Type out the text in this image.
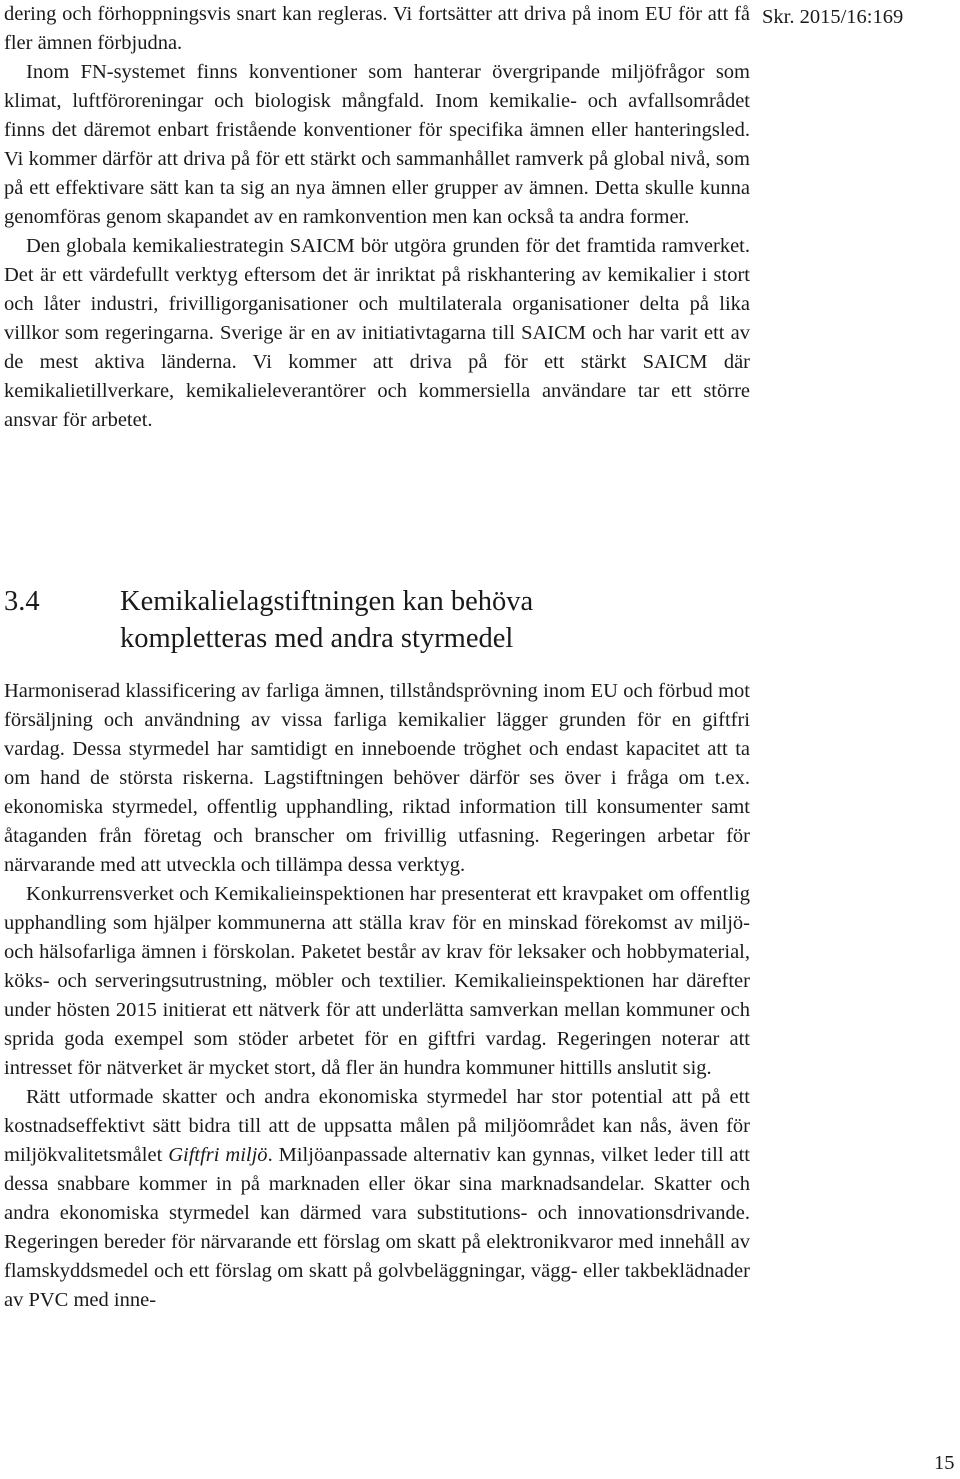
Skr. 2015/16:169

dering och förhoppningsvis snart kan regleras. Vi fortsätter att driva på inom EU för att få fler ämnen förbjudna.

Inom FN-systemet finns konventioner som hanterar övergripande miljöfrågor som klimat, luftföroreningar och biologisk mångfald. Inom kemikalie- och avfallsområdet finns det däremot enbart fristående konventioner för specifika ämnen eller hanteringsled. Vi kommer därför att driva på för ett stärkt och sammanhållet ramverk på global nivå, som på ett effektivare sätt kan ta sig an nya ämnen eller grupper av ämnen. Detta skulle kunna genomföras genom skapandet av en ramkonvention men kan också ta andra former.

Den globala kemikaliestrategin SAICM bör utgöra grunden för det framtida ramverket. Det är ett värdefullt verktyg eftersom det är inriktat på riskhantering av kemikalier i stort och låter industri, frivilligorganisationer och multilaterala organisationer delta på lika villkor som regeringarna. Sverige är en av initiativtagarna till SAICM och har varit ett av de mest aktiva länderna. Vi kommer att driva på för ett stärkt SAICM där kemikalietillverkare, kemikalieleverantörer och kommersiella användare tar ett större ansvar för arbetet.

3.4	Kemikalielagstiftningen kan behöva
kompletteras med andra styrmedel

Harmoniserad klassificering av farliga ämnen, tillståndsprövning inom EU och förbud mot försäljning och användning av vissa farliga kemikalier lägger grunden för en giftfri vardag. Dessa styrmedel har samtidigt en inneboende tröghet och endast kapacitet att ta om hand de största riskerna. Lagstiftningen behöver därför ses över i fråga om t.ex. ekonomiska styrmedel, offentlig upphandling, riktad information till konsumenter samt åtaganden från företag och branscher om frivillig utfasning. Regeringen arbetar för närvarande med att utveckla och tillämpa dessa verktyg.

Konkurrensverket och Kemikalieinspektionen har presenterat ett kravpaket om offentlig upphandling som hjälper kommunerna att ställa krav för en minskad förekomst av miljö- och hälsofarliga ämnen i förskolan. Paketet består av krav för leksaker och hobbymaterial, köks- och serveringsutrustning, möbler och textilier. Kemikalieinspektionen har därefter under hösten 2015 initierat ett nätverk för att underlätta samverkan mellan kommuner och sprida goda exempel som stöder arbetet för en giftfri vardag. Regeringen noterar att intresset för nätverket är mycket stort, då fler än hundra kommuner hittills anslutit sig.

Rätt utformade skatter och andra ekonomiska styrmedel har stor potential att på ett kostnadseffektivt sätt bidra till att de uppsatta målen på miljöområdet kan nås, även för miljökvalitetsmålet Giftfri miljö. Miljöanpassade alternativ kan gynnas, vilket leder till att dessa snabbare kommer in på marknaden eller ökar sina marknadsandelar. Skatter och andra ekonomiska styrmedel kan därmed vara substitutions- och innovationsdrivande. Regeringen bereder för närvarande ett förslag om skatt på elektronikvaror med innehåll av flamskyddsmedel och ett förslag om skatt på golvbeläggningar, vägg- eller takbeklädnader av PVC med inne-

15
